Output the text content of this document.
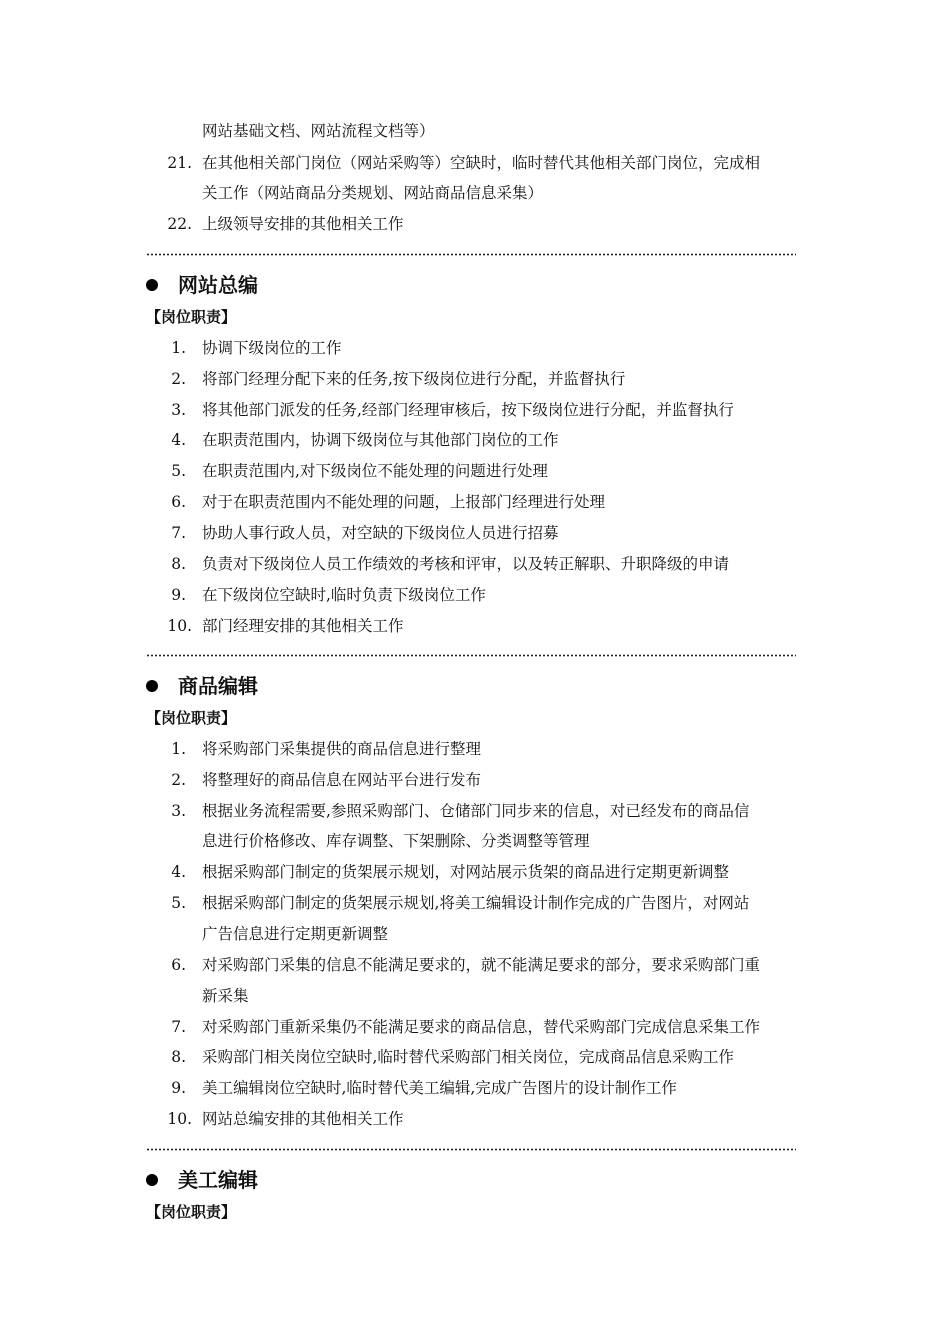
网站基础文档、网站流程文档等）
21. 在其他相关部门岗位（网站采购等）空缺时，临时替代其他相关部门岗位，完成相
关工作（网站商品分类规划、网站商品信息采集）
22. 上级领导安排的其他相关工作
网站总编
【岗位职责】
1. 协调下级岗位的工作
2. 将部门经理分配下来的任务,按下级岗位进行分配，并监督执行
3. 将其他部门派发的任务,经部门经理审核后，按下级岗位进行分配，并监督执行
4. 在职责范围内，协调下级岗位与其他部门岗位的工作
5. 在职责范围内,对下级岗位不能处理的问题进行处理
6. 对于在职责范围内不能处理的问题，上报部门经理进行处理
7. 协助人事行政人员，对空缺的下级岗位人员进行招募
8. 负责对下级岗位人员工作绩效的考核和评审，以及转正解职、升职降级的申请
9. 在下级岗位空缺时,临时负责下级岗位工作
10. 部门经理安排的其他相关工作
商品编辑
【岗位职责】
1. 将采购部门采集提供的商品信息进行整理
2. 将整理好的商品信息在网站平台进行发布
3. 根据业务流程需要,参照采购部门、仓储部门同步来的信息，对已经发布的商品信
息进行价格修改、库存调整、下架删除、分类调整等管理
4. 根据采购部门制定的货架展示规划，对网站展示货架的商品进行定期更新调整
5. 根据采购部门制定的货架展示规划,将美工编辑设计制作完成的广告图片，对网站
广告信息进行定期更新调整
6. 对采购部门采集的信息不能满足要求的，就不能满足要求的部分，要求采购部门重
新采集
7. 对采购部门重新采集仍不能满足要求的商品信息，替代采购部门完成信息采集工作
8. 采购部门相关岗位空缺时,临时替代采购部门相关岗位，完成商品信息采购工作
9. 美工编辑岗位空缺时,临时替代美工编辑,完成广告图片的设计制作工作
10. 网站总编安排的其他相关工作
美工编辑
【岗位职责】
